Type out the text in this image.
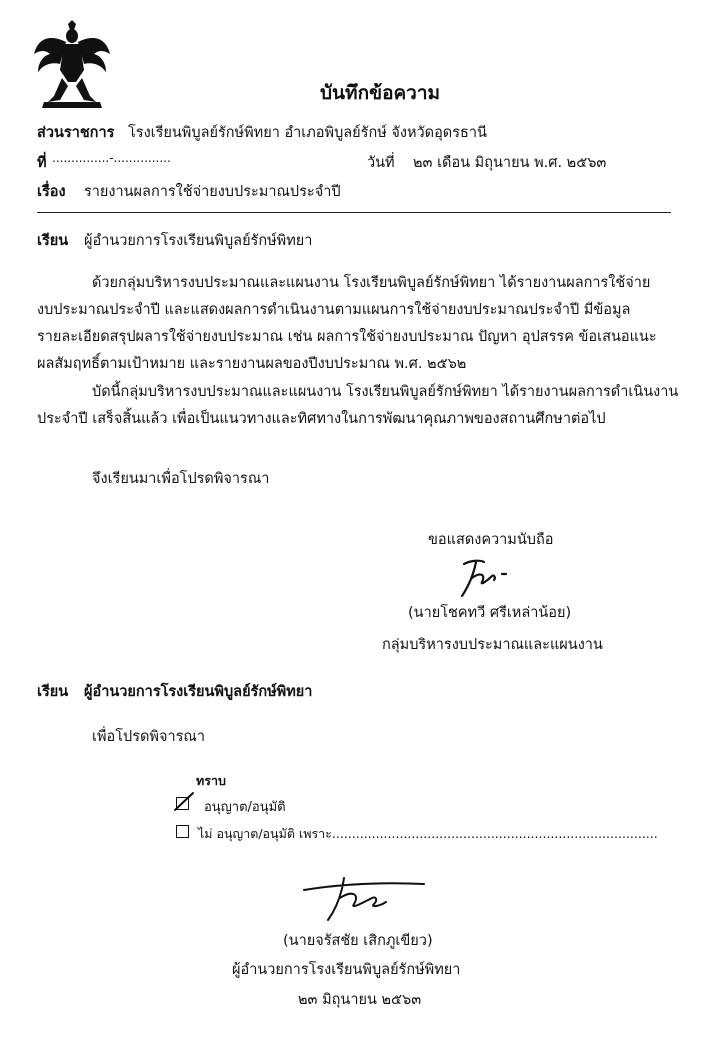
บันทึกข้อความ
ส่วนราชการ โรงเรียนพิบูลย์รักษ์พิทยา อำเภอพิบูลย์รักษ์ จังหวัดอุดรธานี
ที่ ...............-...............	วันที่ ๒๓ เดือน มิถุนายน พ.ศ. ๒๕๖๓
เรื่อง รายงานผลการใช้จ่ายงบประมาณประจำปี
เรียน ผู้อำนวยการโรงเรียนพิบูลย์รักษ์พิทยา
ด้วยกลุ่มบริหารงบประมาณและแผนงาน โรงเรียนพิบูลย์รักษ์พิทยา ได้รายงานผลการใช้จ่าย
งบประมาณประจำปี และแสดงผลการดำเนินงานตามแผนการใช้จ่ายงบประมาณประจำปี มีข้อมูล
รายละเอียดสรุปผลารใช้จ่ายงบประมาณ เช่น ผลการใช้จ่ายงบประมาณ ปัญหา อุปสรรค ข้อเสนอแนะ
ผลสัมฤทธิ์ตามเป้าหมาย และรายงานผลของปีงบประมาณ พ.ศ. ๒๕๖๒
บัดนี้กลุ่มบริหารงบประมาณและแผนงาน โรงเรียนพิบูลย์รักษ์พิทยา ได้รายงานผลการดำเนินงาน
ประจำปี เสร็จสิ้นแล้ว เพื่อเป็นแนวทางและทิศทางในการพัฒนาคุณภาพของสถานศึกษาต่อไป
จึงเรียนมาเพื่อโปรดพิจารณา
ขอแสดงความนับถือ
(นายโชคทวี ศรีเหล่าน้อย)
กลุ่มบริหารงบประมาณและแผนงาน
เรียน ผู้อำนวยการโรงเรียนพิบูลย์รักษ์พิทยา
เพื่อโปรดพิจารณา
ทราบ
อนุญาต/อนุมัติ
ไม่ อนุญาต/อนุมัติ เพราะ..................................................................................
(นายจรัสชัย เสิกภูเขียว)
ผู้อำนวยการโรงเรียนพิบูลย์รักษ์พิทยา
๒๓ มิถุนายน ๒๕๖๓
